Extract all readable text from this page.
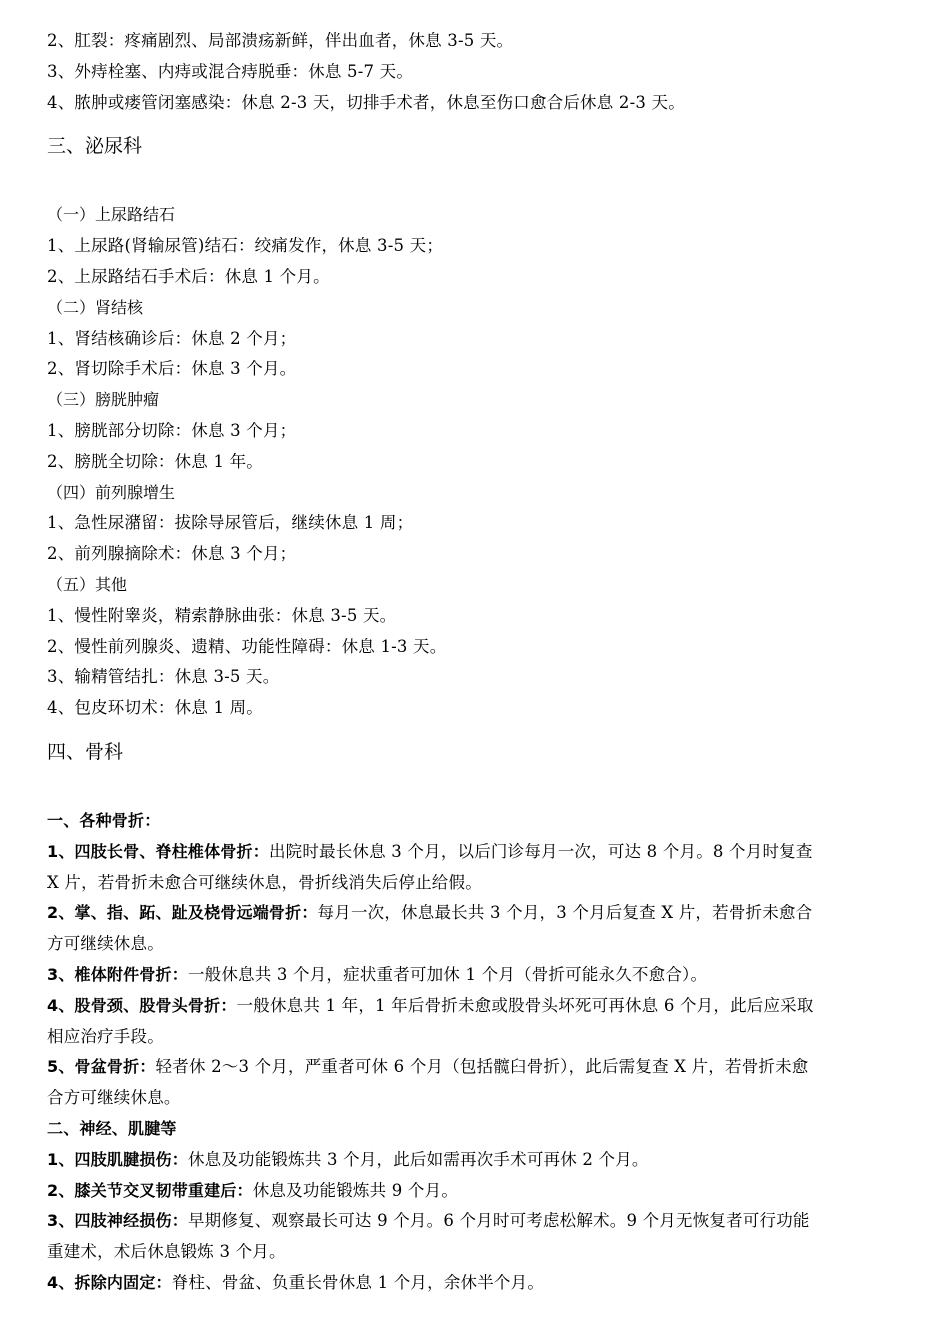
2、肛裂：疼痛剧烈、局部溃疡新鲜，伴出血者，休息 3-5 天。
3、外痔栓塞、内痔或混合痔脱垂：休息 5-7 天。
4、脓肿或瘘管闭塞感染：休息 2-3 天，切排手术者，休息至伤口愈合后休息 2-3 天。
三、泌尿科
（一）上尿路结石
1、上尿路(肾输尿管)结石：绞痛发作，休息 3-5 天；
2、上尿路结石手术后：休息 1 个月。
（二）肾结核
1、肾结核确诊后：休息 2 个月；
2、肾切除手术后：休息 3 个月。
（三）膀胱肿瘤
1、膀胱部分切除：休息 3 个月；
2、膀胱全切除：休息 1 年。
（四）前列腺增生
1、急性尿潴留：拔除导尿管后，继续休息 1 周；
2、前列腺摘除术：休息 3 个月；
（五）其他
1、慢性附睾炎，精索静脉曲张：休息 3-5 天。
2、慢性前列腺炎、遗精、功能性障碍：休息 1-3 天。
3、输精管结扎：休息 3-5 天。
4、包皮环切术：休息 1 周。
四、骨科
一、各种骨折：
1、四肢长骨、脊柱椎体骨折：出院时最长休息 3 个月，以后门诊每月一次，可达 8 个月。8 个月时复查
X 片，若骨折未愈合可继续休息，骨折线消失后停止给假。
2、掌、指、跖、趾及桡骨远端骨折：每月一次，休息最长共 3 个月，3 个月后复查 X 片，若骨折未愈合
方可继续休息。
3、椎体附件骨折：一般休息共 3 个月，症状重者可加休 1 个月（骨折可能永久不愈合）。
4、股骨颈、股骨头骨折：一般休息共 1 年，1 年后骨折未愈或股骨头坏死可再休息 6 个月，此后应采取
相应治疗手段。
5、骨盆骨折：轻者休 2～3 个月，严重者可休 6 个月（包括髋臼骨折），此后需复查 X 片，若骨折未愈
合方可继续休息。
二、神经、肌腱等
1、四肢肌腱损伤：休息及功能锻炼共 3 个月，此后如需再次手术可再休 2 个月。
2、膝关节交叉韧带重建后：休息及功能锻炼共 9 个月。
3、四肢神经损伤：早期修复、观察最长可达 9 个月。6 个月时可考虑松解术。9 个月无恢复者可行功能
重建术，术后休息锻炼 3 个月。
4、拆除内固定：脊柱、骨盆、负重长骨休息 1 个月，余休半个月。
